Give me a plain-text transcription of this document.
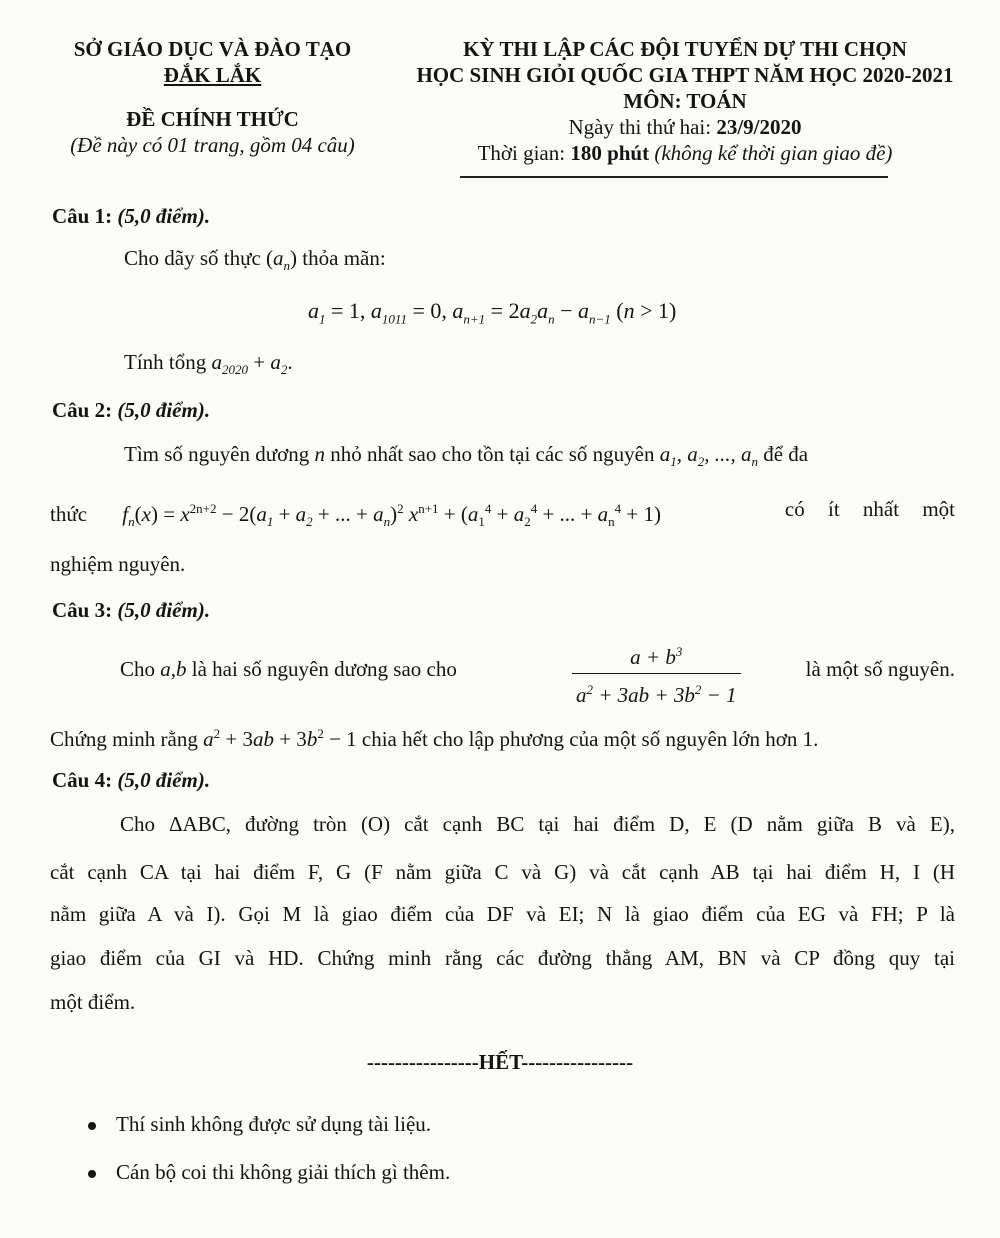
SỞ GIÁO DỤC VÀ ĐÀO TẠO
ĐẮK LẮK
ĐỀ CHÍNH THỨC
(Đề này có 01 trang, gồm 04 câu)
KỲ THI LẬP CÁC ĐỘI TUYỂN DỰ THI CHỌN
HỌC SINH GIỎI QUỐC GIA THPT NĂM HỌC 2020-2021
MÔN: TOÁN
Ngày thi thứ hai: 23/9/2020
Thời gian: 180 phút (không kể thời gian giao đề)
Câu 1: (5,0 điểm).
Cho dãy số thực $(a_n)$ thỏa mãn:
$a_1 = 1$, $a_{1011} = 0$, $a_{n+1} = 2a_2a_n - a_{n-1}$ (n > 1)
Tính tổng $a_{2020} + a_2$.
Câu 2: (5,0 điểm).
Tìm số nguyên dương n nhỏ nhất sao cho tồn tại các số nguyên $a_1$, $a_2$, ..., $a_n$ để đa
thức $f_n(x) = x^{2n+2} - 2(a_1 + a_2$ + ... + $a_n)^2$ $x^{n+1} + (a_1^4 + a_2^4$ + ... + $a_n^4 + 1$)	có ít nhất một
nghiệm nguyên.
Câu 3: (5,0 điểm).
Cho a,b là hai số nguyên dương sao cho	$\frac{a + b^3}{a^2 + 3ab + 3b^2 - 1}$	là một số nguyên.
Chứng minh rằng $a^2 + 3ab + 3b^2 - 1$ chia hết cho lập phương của một số nguyên lớn hơn 1.
Câu 4: (5,0 điểm).
Cho ΔABC, đường tròn (O) cắt cạnh BC tại hai điểm D, E (D nằm giữa B và E),
cắt cạnh CA tại hai điểm F, G (F nằm giữa C và G) và cắt cạnh AB tại hai điểm H, I (H
nằm giữa A và I). Gọi M là giao điểm của DF và EI; N là giao điểm của EG và FH; P là
giao điểm của GI và HD. Chứng minh rằng các đường thẳng AM, BN và CP đồng quy tại
một điểm.
----------------HẾT----------------
Thí sinh không được sử dụng tài liệu.
Cán bộ coi thi không giải thích gì thêm.
